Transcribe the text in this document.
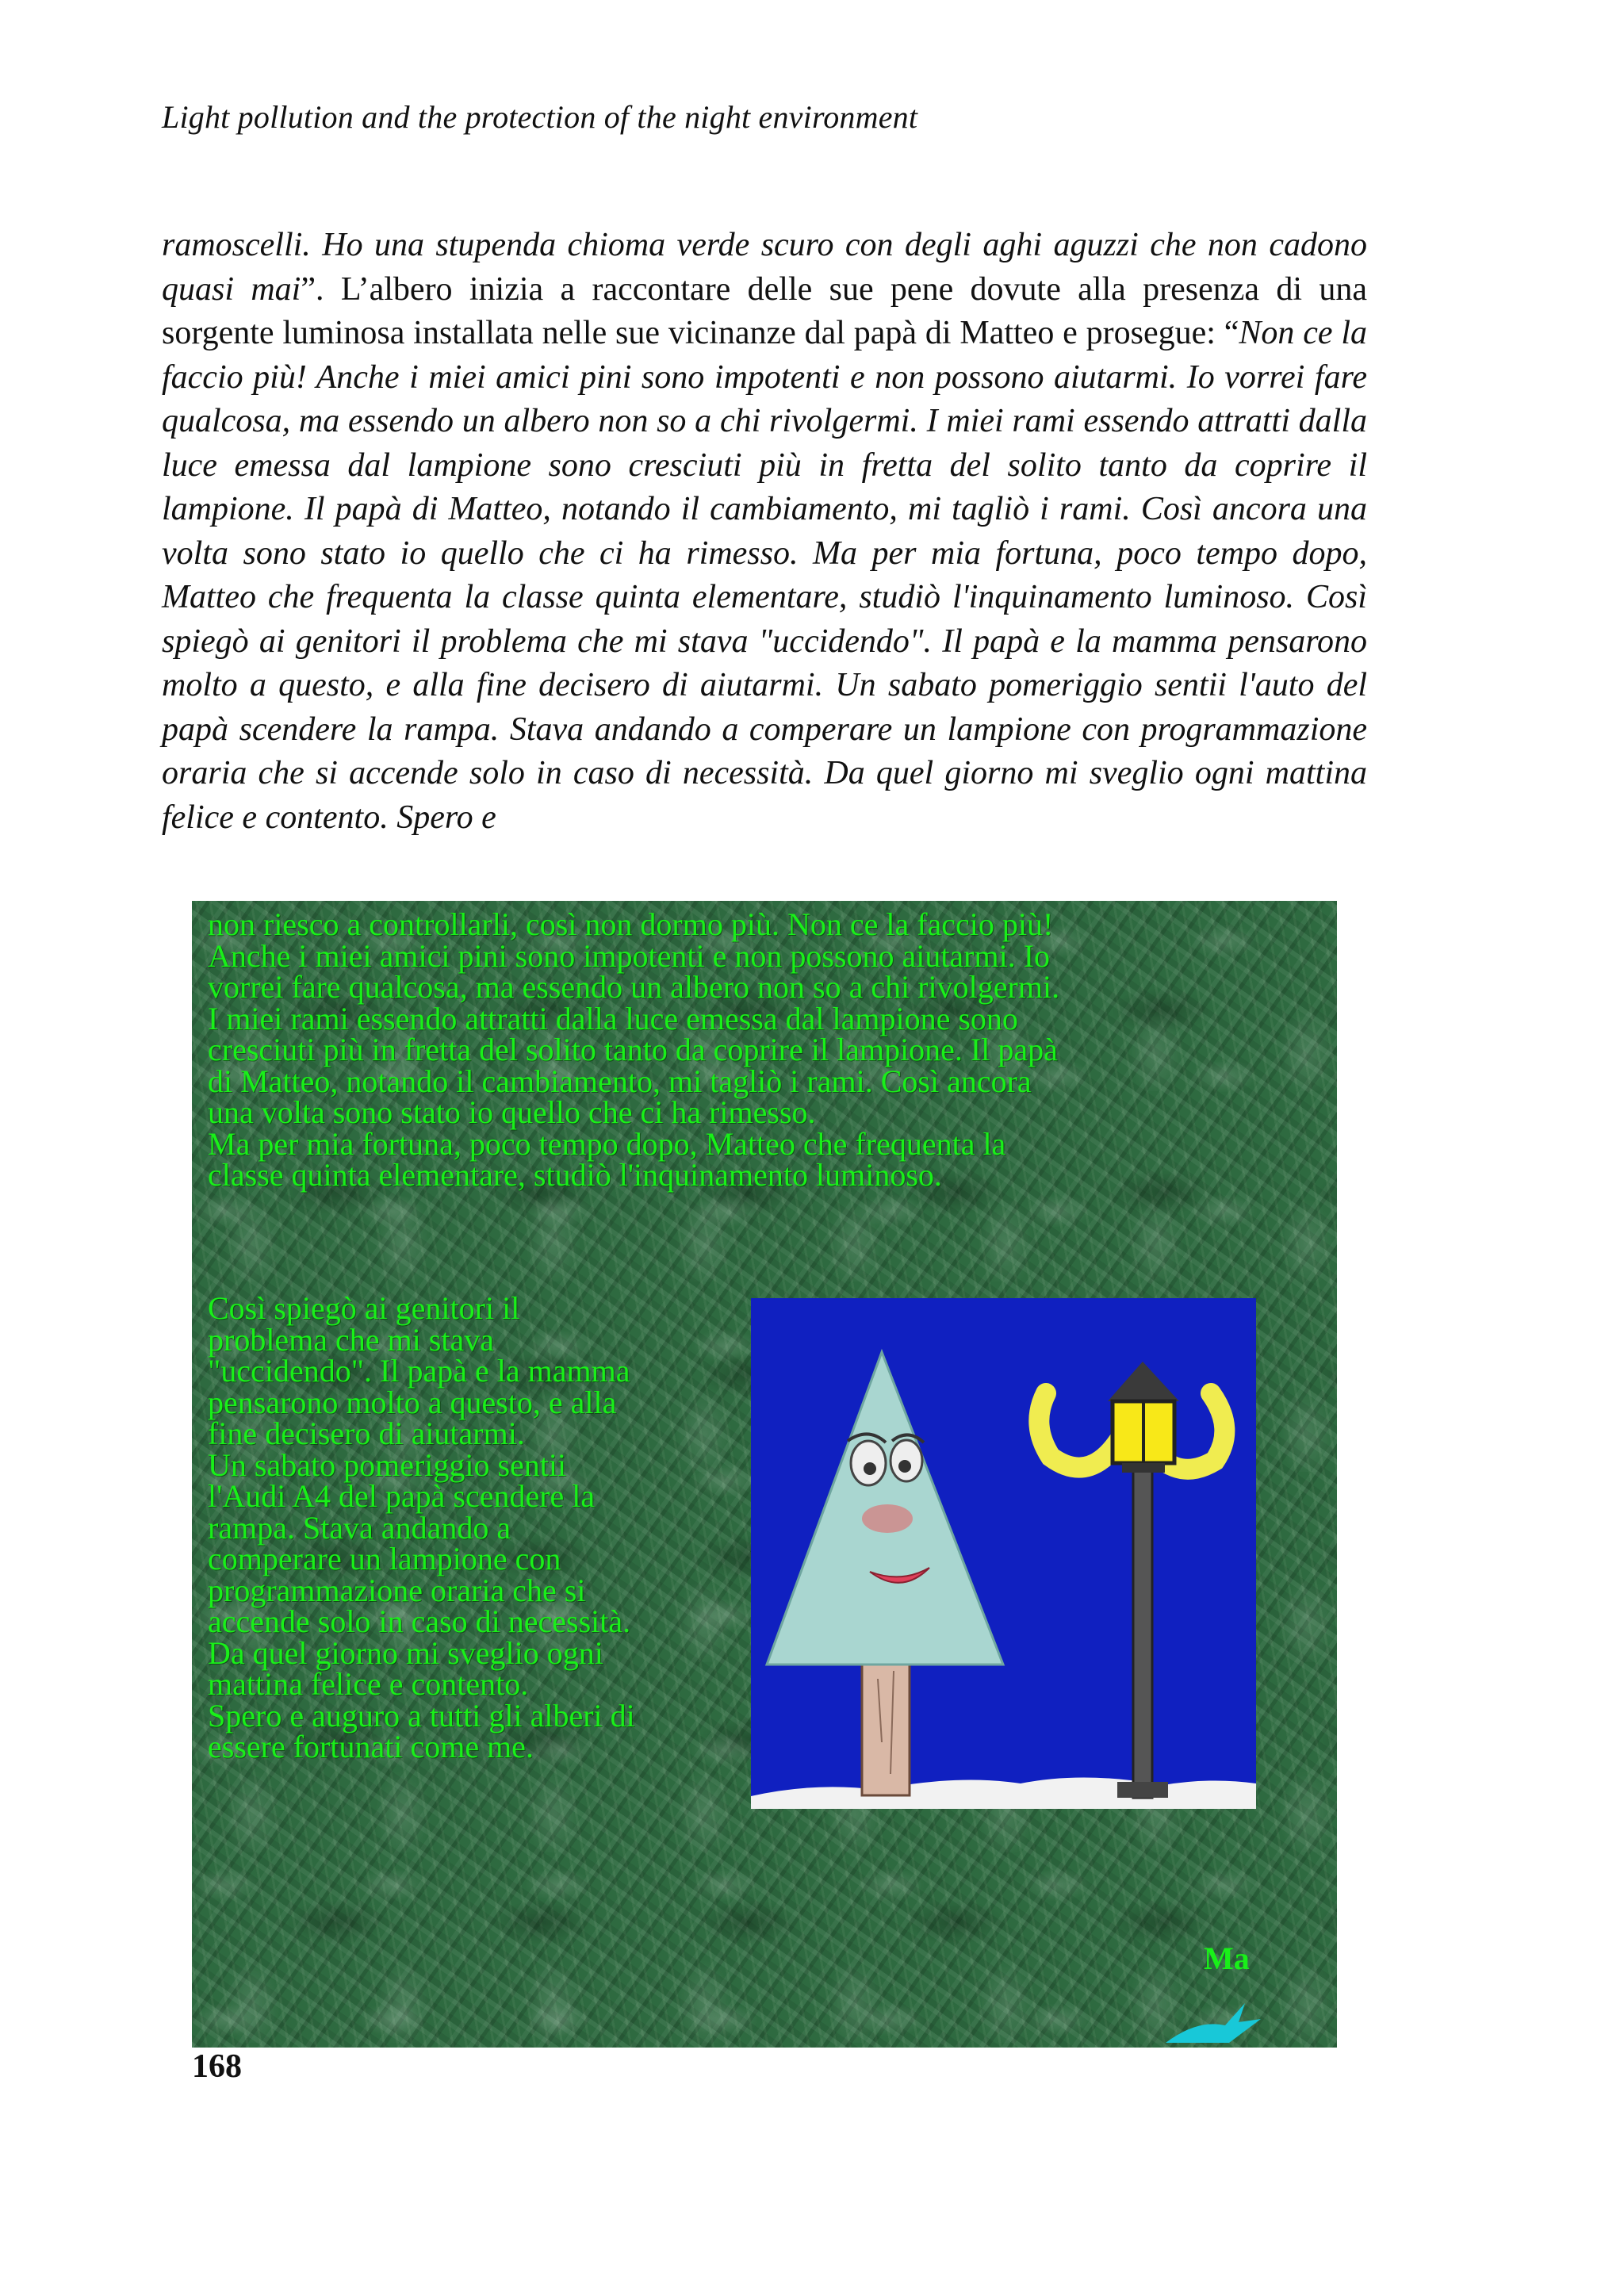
Light pollution and the protection of the night environment
ramoscelli. Ho una stupenda chioma verde scuro con degli aghi aguzzi che non cadono quasi mai”. L’albero inizia a raccontare delle sue pene dovute alla presenza di una sorgente luminosa installata nelle sue vicinanze dal papà di Matteo e prosegue: “Non ce la faccio più! Anche i miei amici pini sono impotenti e non possono aiutarmi. Io vorrei fare qualcosa, ma essendo un albero non so a chi rivolgermi. I miei rami essendo attratti dalla luce emessa dal lampione sono cresciuti più in fretta del solito tanto da coprire il lampione. Il papà di Matteo, notando il cambiamento, mi tagliò i rami. Così ancora una volta sono stato io quello che ci ha rimesso. Ma per mia fortuna, poco tempo dopo, Matteo che frequenta la classe quinta elementare, studiò l'inquinamento luminoso. Così spiegò ai genitori il problema che mi stava "uccidendo". Il papà e la mamma pensarono molto a questo, e alla fine decisero di aiutarmi. Un sabato pomeriggio sentii l'auto del papà scendere la rampa. Stava andando a comperare un lampione con programmazione oraria che si accende solo in caso di necessità. Da quel giorno mi sveglio ogni mattina felice e contento. Spero e
non riesco a controllarli, così non dormo più. Non ce la faccio più!
Anche i miei amici pini sono impotenti e non possono aiutarmi. Io
vorrei fare qualcosa, ma essendo un albero non so a chi rivolgermi.
I miei rami essendo attratti dalla luce emessa dal lampione sono
cresciuti più in fretta del solito tanto da coprire il lampione. Il papà
di Matteo, notando il cambiamento, mi tagliò i rami. Così ancora
una volta sono stato io quello che ci ha rimesso.
Ma per mia fortuna, poco tempo dopo, Matteo che frequenta la
classe quinta elementare, studiò l'inquinamento luminoso.
Così spiegò ai genitori il
problema che mi stava
"uccidendo". Il papà e la mamma
pensarono molto a questo, e alla
fine decisero di aiutarmi.
Un sabato pomeriggio sentii
l'Audi A4 del papà scendere la
rampa. Stava andando a
comperare un lampione con
programmazione oraria che si
accende solo in caso di necessità.
Da quel giorno mi sveglio ogni
mattina felice e contento.
Spero e auguro a tutti gli alberi di
essere fortunati come me.
Ma
168
